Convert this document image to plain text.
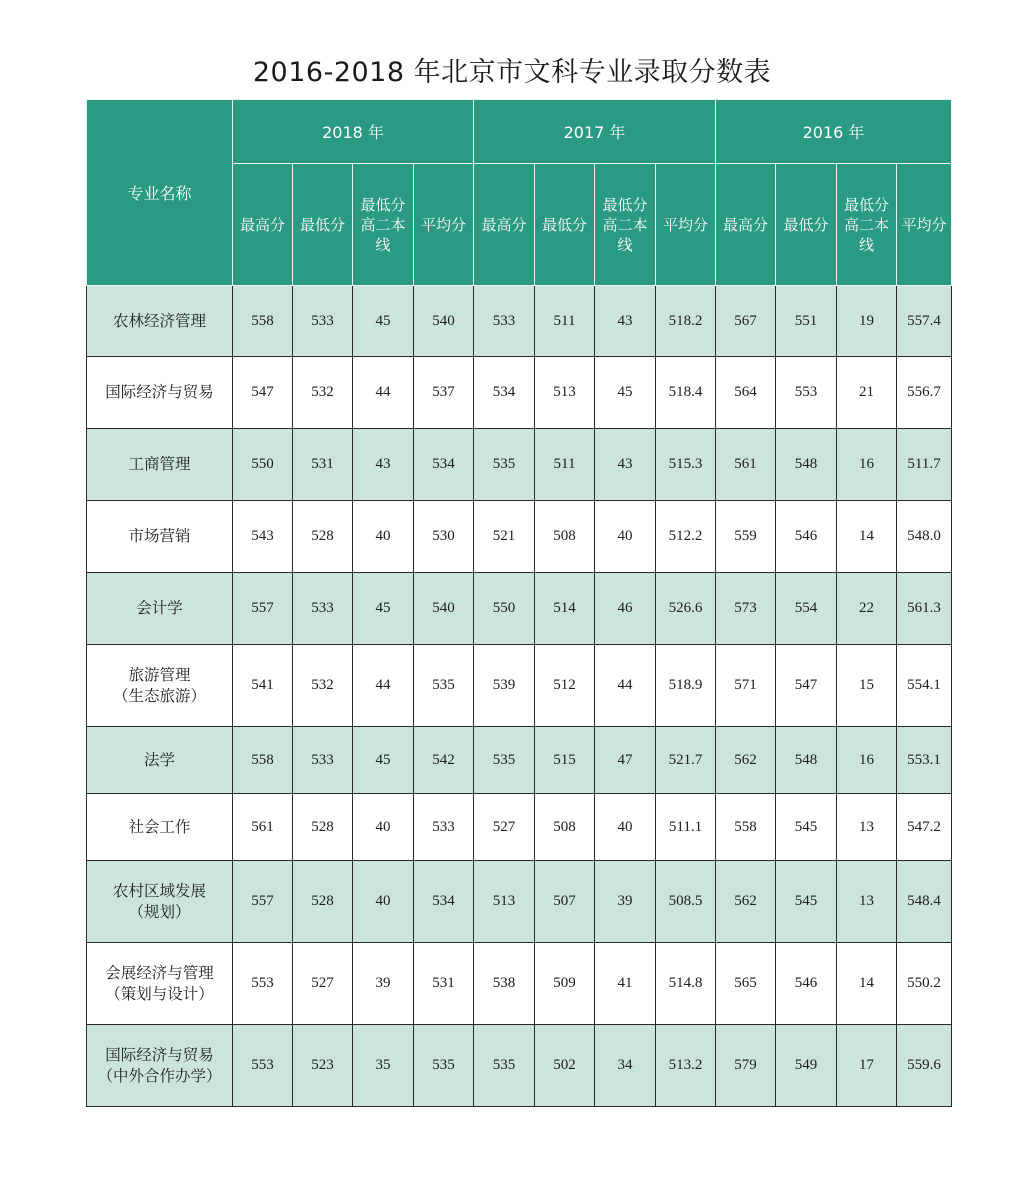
2016-2018 年北京市文科专业录取分数表
专业名称	2018 年				2017 年				2016 年			
	最高分	最低分	最低分
高二本
线	平均分	最高分	最低分	最低分
高二本
线	平均分	最高分	最低分	最低分
高二本
线	平均分
农林经济管理	558	533	45	540	533	511	43	518.2	567	551	19	557.4
国际经济与贸易	547	532	44	537	534	513	45	518.4	564	553	21	556.7
工商管理	550	531	43	534	535	511	43	515.3	561	548	16	511.7
市场营销	543	528	40	530	521	508	40	512.2	559	546	14	548.0
会计学	557	533	45	540	550	514	46	526.6	573	554	22	561.3
旅游管理
（生态旅游）	541	532	44	535	539	512	44	518.9	571	547	15	554.1
法学	558	533	45	542	535	515	47	521.7	562	548	16	553.1
社会工作	561	528	40	533	527	508	40	511.1	558	545	13	547.2
农村区域发展
（规划）	557	528	40	534	513	507	39	508.5	562	545	13	548.4
会展经济与管理
（策划与设计）	553	527	39	531	538	509	41	514.8	565	546	14	550.2
国际经济与贸易
（中外合作办学）	553	523	35	535	535	502	34	513.2	579	549	17	559.6
